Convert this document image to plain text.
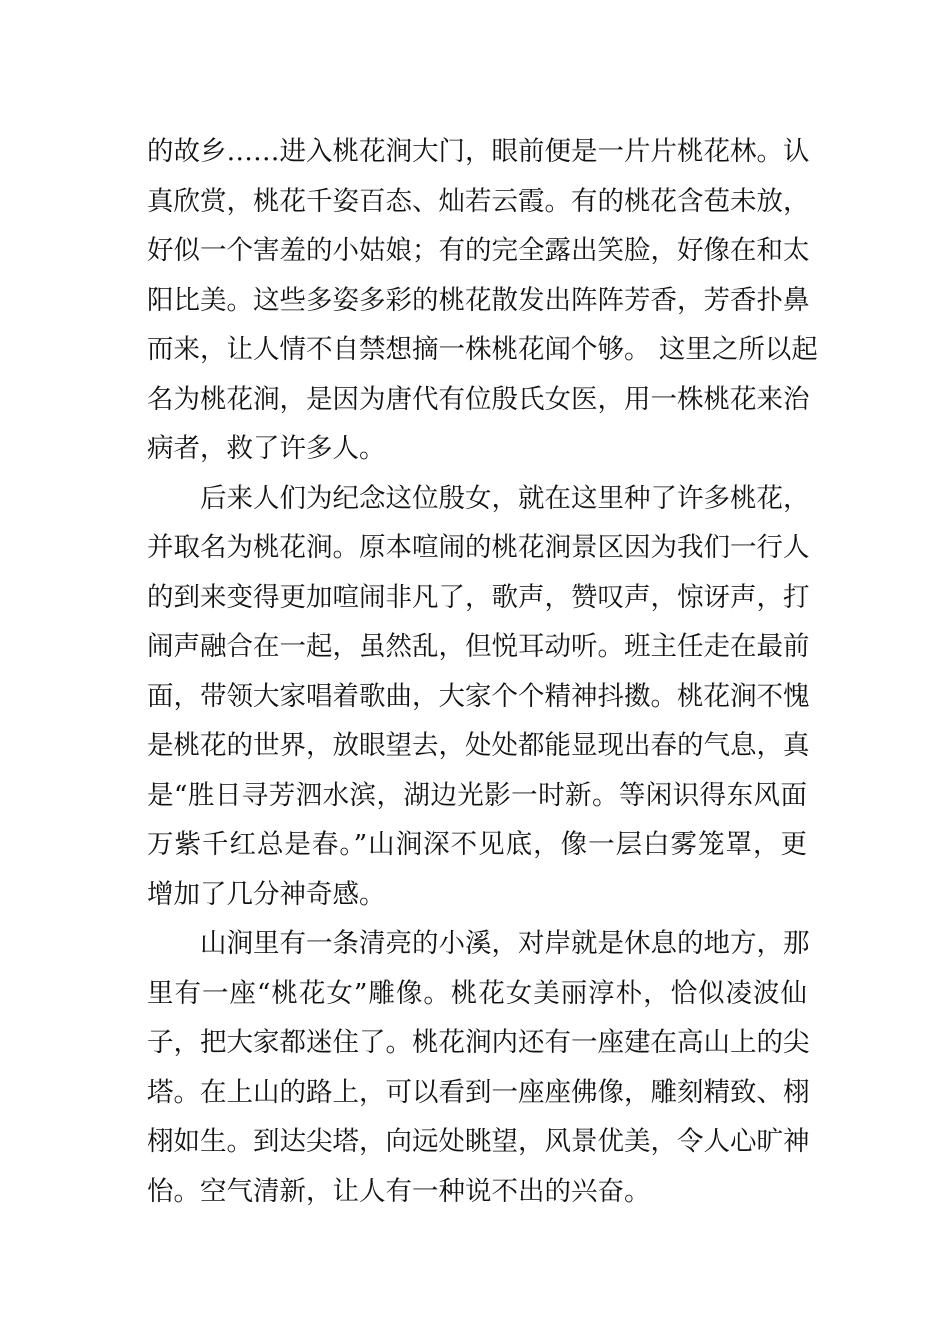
的故乡……进入桃花涧大门，眼前便是一片片桃花林。认
真欣赏，桃花千姿百态、灿若云霞。有的桃花含苞未放，
好似一个害羞的小姑娘；有的完全露出笑脸，好像在和太
阳比美。这些多姿多彩的桃花散发出阵阵芳香，芳香扑鼻
而来，让人情不自禁想摘一株桃花闻个够。 这里之所以起
名为桃花涧，是因为唐代有位殷氏女医，用一株桃花来治
病者，救了许多人。
　　后来人们为纪念这位殷女，就在这里种了许多桃花，
并取名为桃花涧。原本喧闹的桃花涧景区因为我们一行人
的到来变得更加喧闹非凡了，歌声，赞叹声，惊讶声，打
闹声融合在一起，虽然乱，但悦耳动听。班主任走在最前
面，带领大家唱着歌曲，大家个个精神抖擞。桃花涧不愧
是桃花的世界，放眼望去，处处都能显现出春的气息，真
是“胜日寻芳泗水滨，湖边光影一时新。等闲识得东风面
万紫千红总是春。”山涧深不见底，像一层白雾笼罩，更
增加了几分神奇感。
　　山涧里有一条清亮的小溪，对岸就是休息的地方，那
里有一座“桃花女”雕像。桃花女美丽淳朴，恰似凌波仙
子，把大家都迷住了。桃花涧内还有一座建在高山上的尖
塔。在上山的路上，可以看到一座座佛像，雕刻精致、栩
栩如生。到达尖塔，向远处眺望，风景优美，令人心旷神
怡。空气清新，让人有一种说不出的兴奋。
